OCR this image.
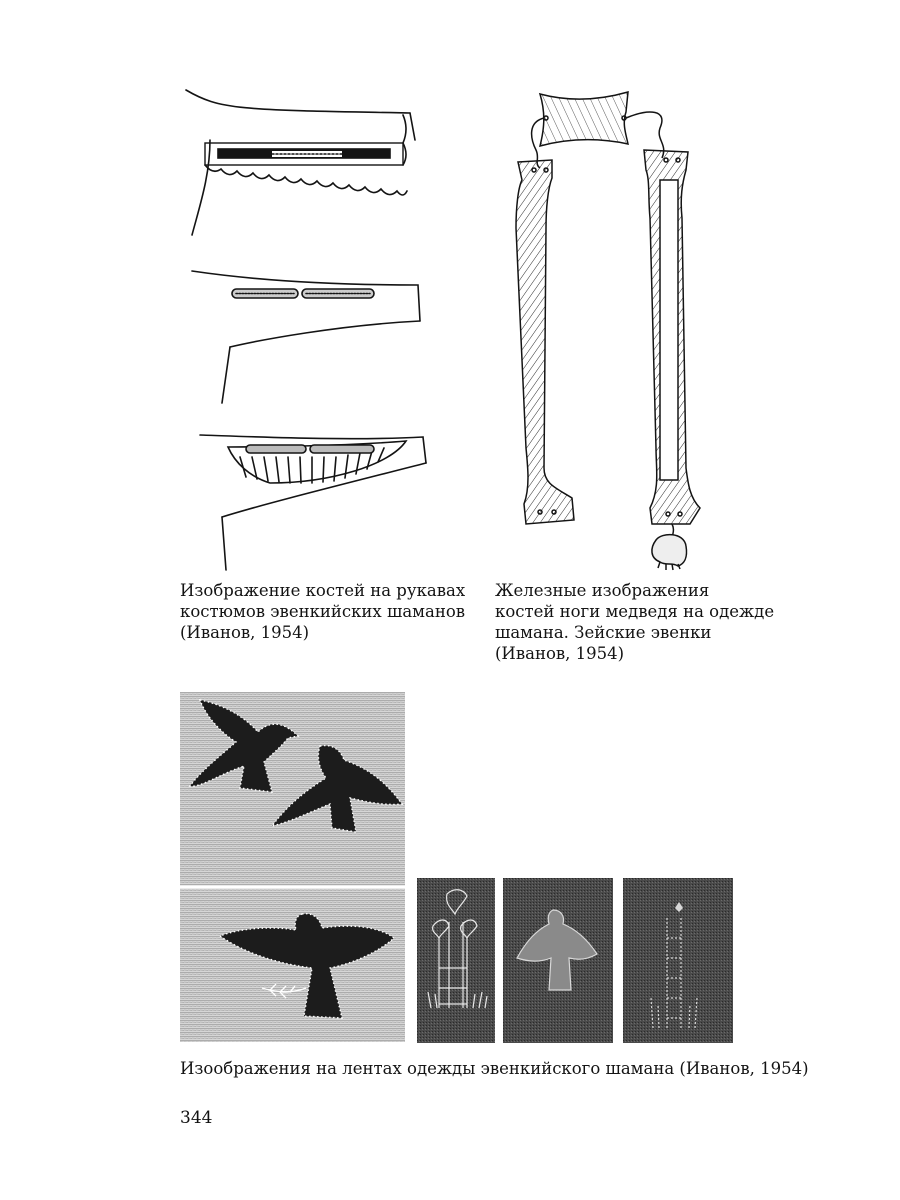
Изображение костей на рукавах
костюмов эвенкийских шаманов
(Иванов, 1954)
Железные изображения
костей ноги медведя на одежде
шамана. Зейские эвенки
(Иванов, 1954)
Изоображения на лентах одежды эвенкийского шамана (Иванов, 1954)
344
